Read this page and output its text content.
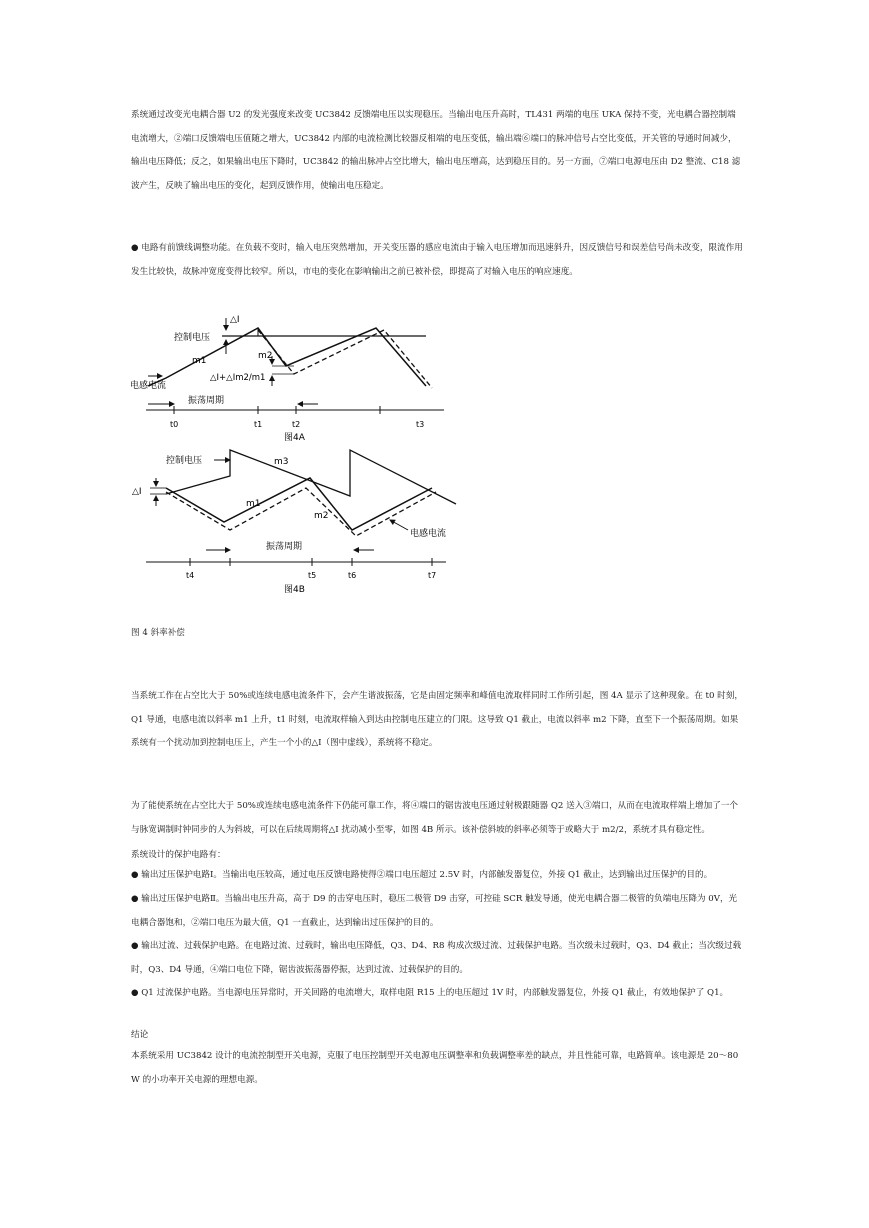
系统通过改变光电耦合器 U2 的发光强度来改变 UC3842 反馈端电压以实现稳压。当输出电压升高时，TL431 两端的电压 UKA 保持不变，光电耦合器控制端电流增大，②端口反馈端电压值随之增大，UC3842 内部的电流检测比较器反相端的电压变低，输出端⑥端口的脉冲信号占空比变低，开关管的导通时间减少，输出电压降低；反之，如果输出电压下降时，UC3842 的输出脉冲占空比增大，输出电压增高，达到稳压目的。另一方面，⑦端口电源电压由 D2 整流、C18 滤波产生，反映了输出电压的变化，起到反馈作用，使输出电压稳定。

● 电路有前馈线调整功能。在负载不变时，输入电压突然增加，开关变压器的感应电流由于输入电压增加而迅速斜升，因反馈信号和误差信号尚未改变，限流作用发生比较快，故脉冲宽度变得比较窄。所以，市电的变化在影响输出之前已被补偿，即提高了对输入电压的响应速度。

控制电压
△I
m1	m2
△I+△Im2/m1
电感电流
振荡周期
t0	t1	t2	t3
图4A
控制电压	m3
△I
m1
m2
电感电流
振荡周期
t4	t5	t6	t7
图4B

图 4 斜率补偿

当系统工作在占空比大于 50%或连续电感电流条件下，会产生谐波振荡，它是由固定频率和峰值电流取样同时工作所引起，图 4A 显示了这种现象。在 t0 时刻，Q1 导通，电感电流以斜率 m1 上升，t1 时刻，电流取样输入到达由控制电压建立的门限。这导致 Q1 截止，电流以斜率 m2 下降，直至下一个振荡周期。如果系统有一个扰动加到控制电压上，产生一个小的△I（图中虚线），系统将不稳定。

为了能使系统在占空比大于 50%或连续电感电流条件下仍能可靠工作，将④端口的锯齿波电压通过射极跟随器 Q2 送入③端口，从而在电流取样端上增加了一个与脉宽调制时钟同步的人为斜坡，可以在后续周期将△I 扰动减小至零，如图 4B 所示。该补偿斜坡的斜率必须等于或略大于 m2/2，系统才具有稳定性。

系统设计的保护电路有：

● 输出过压保护电路Ⅰ。当输出电压较高，通过电压反馈电路使得②端口电压超过 2.5V 时，内部触发器复位，外接 Q1 截止，达到输出过压保护的目的。

● 输出过压保护电路Ⅱ。当输出电压升高，高于 D9 的击穿电压时，稳压二极管 D9 击穿，可控硅 SCR 触发导通，使光电耦合器二极管的负端电压降为 0V，光电耦合器饱和，②端口电压为最大值，Q1 一直截止，达到输出过压保护的目的。

● 输出过流、过载保护电路。在电路过流、过载时，输出电压降低，Q3、D4、R8 构成次级过流、过载保护电路。当次级未过载时，Q3、D4 截止；当次级过载时，Q3、D4 导通，④端口电位下降，锯齿波振荡器停振，达到过流、过载保护的目的。

● Q1 过流保护电路。当电源电压异常时，开关回路的电流增大，取样电阻 R15 上的电压超过 1V 时，内部触发器复位，外接 Q1 截止，有效地保护了 Q1。

结论

本系统采用 UC3842 设计的电流控制型开关电源，克服了电压控制型开关电源电压调整率和负载调整率差的缺点，并且性能可靠，电路简单。该电源是 20～80 W 的小功率开关电源的理想电源。
